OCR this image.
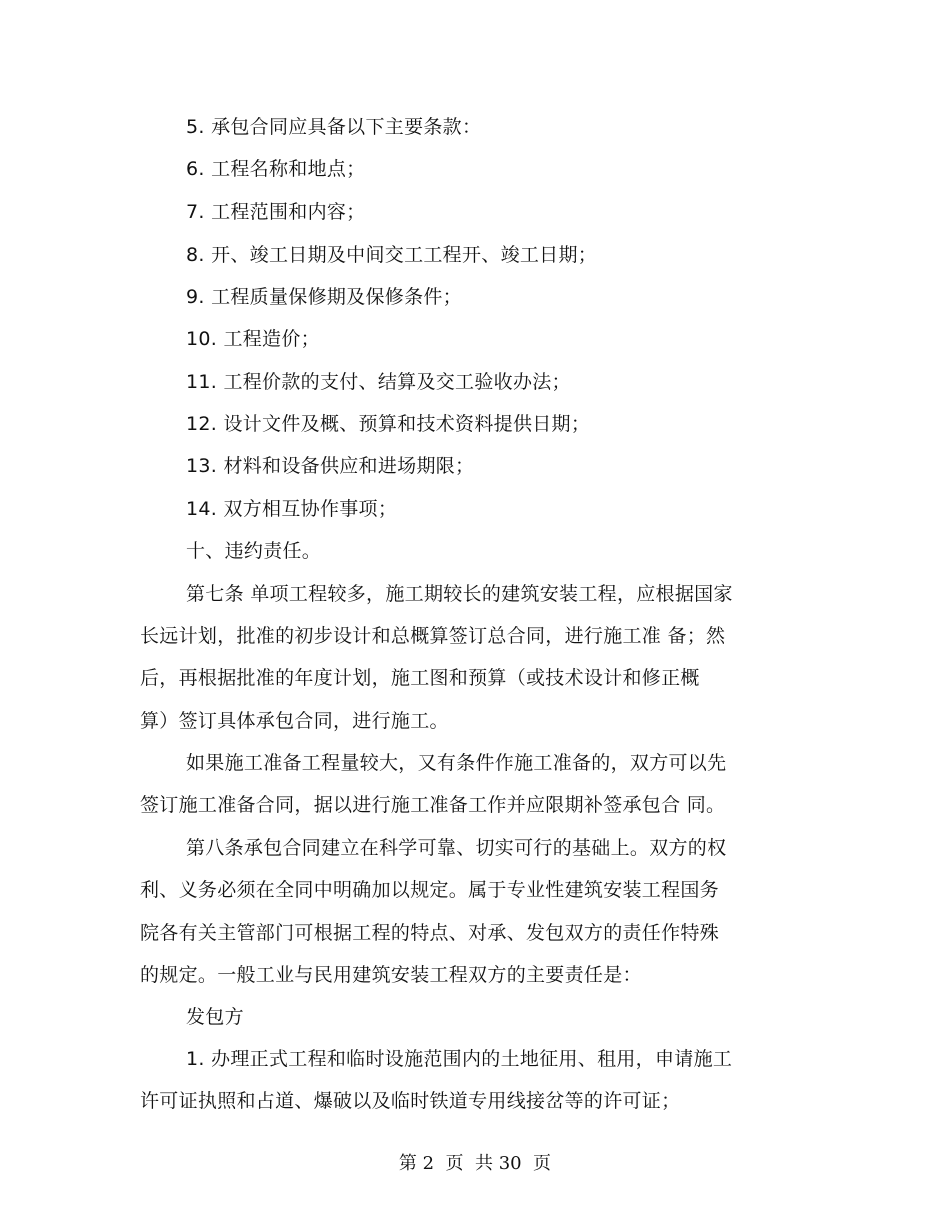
5. 承包合同应具备以下主要条款：
6. 工程名称和地点；
7. 工程范围和内容；
8. 开、竣工日期及中间交工工程开、竣工日期；
9. 工程质量保修期及保修条件；
10. 工程造价；
11. 工程价款的支付、结算及交工验收办法；
12. 设计文件及概、预算和技术资料提供日期；
13. 材料和设备供应和进场期限；
14. 双方相互协作事项；
十、违约责任。
第七条 单项工程较多，施工期较长的建筑安装工程，应根据国家
长远计划，批准的初步设计和总概算签订总合同，进行施工准 备；然
后，再根据批准的年度计划，施工图和预算（或技术设计和修正概
算）签订具体承包合同，进行施工。
如果施工准备工程量较大，又有条件作施工准备的，双方可以先
签订施工准备合同，据以进行施工准备工作并应限期补签承包合 同。
第八条承包合同建立在科学可靠、切实可行的基础上。双方的权
利、义务必须在全同中明确加以规定。属于专业性建筑安装工程国务
院各有关主管部门可根据工程的特点、对承、发包双方的责任作特殊
的规定。一般工业与民用建筑安装工程双方的主要责任是：
发包方
1. 办理正式工程和临时设施范围内的土地征用、租用，申请施工
许可证执照和占道、爆破以及临时铁道专用线接岔等的许可证；
第 2  页  共 30  页
